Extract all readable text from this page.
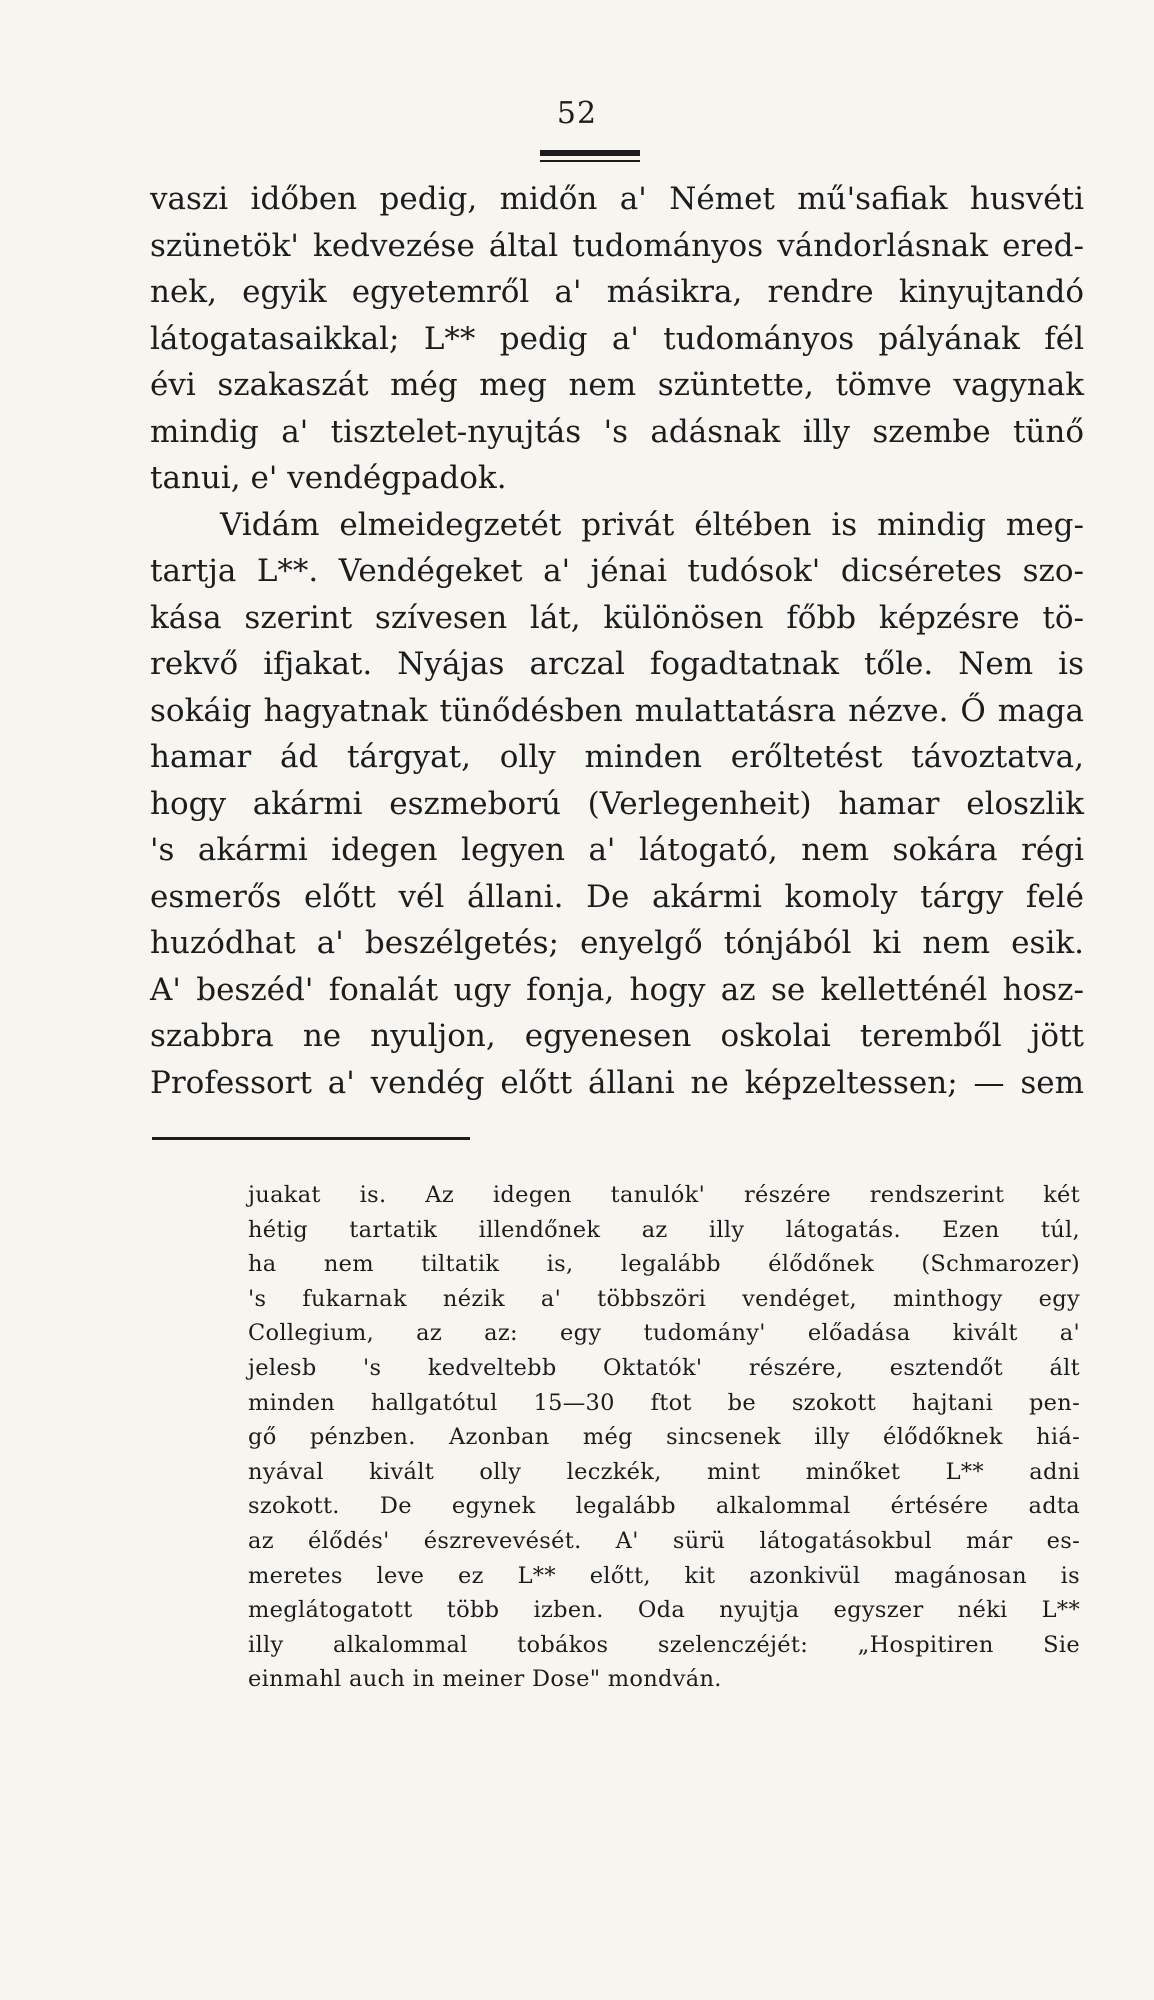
52
vaszi időben pedig, midőn a' Német mű'safiak husvéti
szünetök' kedvezése által tudományos vándorlásnak ered-
nek, egyik egyetemről a' másikra, rendre kinyujtandó
látogatasaikkal; L** pedig a' tudományos pályának fél
évi szakaszát még meg nem szüntette, tömve vagynak
mindig a' tisztelet-nyujtás 's adásnak illy szembe tünő
tanui, e' vendégpadok.
Vidám elmeidegzetét privát éltében is mindig meg-
tartja L**. Vendégeket a' jénai tudósok' dicséretes szo-
kása szerint szívesen lát, különösen főbb képzésre tö-
rekvő ifjakat. Nyájas arczal fogadtatnak tőle. Nem is
sokáig hagyatnak tünődésben mulattatásra nézve. Ő maga
hamar ád tárgyat, olly minden erőltetést távoztatva,
hogy akármi eszmeború (Verlegenheit) hamar eloszlik
's akármi idegen legyen a' látogató, nem sokára régi
esmerős előtt vél állani. De akármi komoly tárgy felé
huzódhat a' beszélgetés; enyelgő tónjából ki nem esik.
A' beszéd' fonalát ugy fonja, hogy az se kelletténél hosz-
szabbra ne nyuljon, egyenesen oskolai teremből jött
Professort a' vendég előtt állani ne képzeltessen; — sem
juakat is. Az idegen tanulók' részére rendszerint két
hétig tartatik illendőnek az illy látogatás. Ezen túl,
ha nem tiltatik is, legalább élődőnek (Schmarozer)
's fukarnak nézik a' többszöri vendéget, minthogy egy
Collegium, az az: egy tudomány' előadása kivált a'
jelesb 's kedveltebb Oktatók' részére, esztendőt ált
minden hallgatótul 15—30 ftot be szokott hajtani pen-
gő pénzben. Azonban még sincsenek illy élődőknek hiá-
nyával kivált olly leczkék, mint minőket L** adni
szokott. De egynek legalább alkalommal értésére adta
az élődés' észrevevését. A' sürü látogatásokbul már es-
meretes leve ez L** előtt, kit azonkivül magánosan is
meglátogatott több izben. Oda nyujtja egyszer néki L**
illy alkalommal tobákos szelenczéjét: „Hospitiren Sie
einmahl auch in meiner Dose" mondván.
